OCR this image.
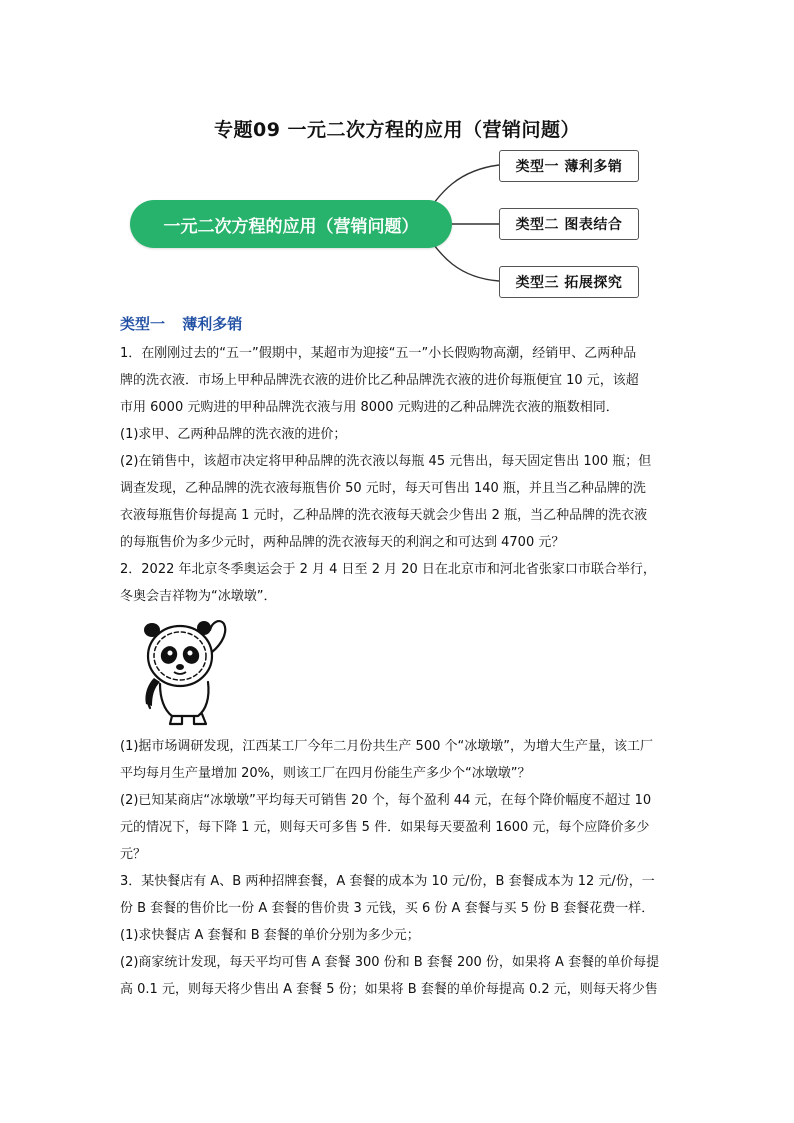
专题09 一元二次方程的应用（营销问题）
一元二次方程的应用（营销问题）
类型一 薄利多销
类型二 图表结合
类型三 拓展探究
类型一 薄利多销
1．在刚刚过去的“五一”假期中，某超市为迎接“五一”小长假购物高潮，经销甲、乙两种品
牌的洗衣液．市场上甲种品牌洗衣液的进价比乙种品牌洗衣液的进价每瓶便宜 10 元，该超
市用 6000 元购进的甲种品牌洗衣液与用 8000 元购进的乙种品牌洗衣液的瓶数相同．
(1)求甲、乙两种品牌的洗衣液的进价；
(2)在销售中，该超市决定将甲种品牌的洗衣液以每瓶 45 元售出，每天固定售出 100 瓶；但
调查发现，乙种品牌的洗衣液每瓶售价 50 元时，每天可售出 140 瓶，并且当乙种品牌的洗
衣液每瓶售价每提高 1 元时，乙种品牌的洗衣液每天就会少售出 2 瓶，当乙种品牌的洗衣液
的每瓶售价为多少元时，两种品牌的洗衣液每天的利润之和可达到 4700 元？
2．2022 年北京冬季奥运会于 2 月 4 日至 2 月 20 日在北京市和河北省张家口市联合举行，
冬奥会吉祥物为“冰墩墩”．
(1)据市场调研发现，江西某工厂今年二月份共生产 500 个“冰墩墩”，为增大生产量，该工厂
平均每月生产量增加 20%，则该工厂在四月份能生产多少个“冰墩墩”？
(2)已知某商店“冰墩墩”平均每天可销售 20 个，每个盈利 44 元，在每个降价幅度不超过 10
元的情况下，每下降 1 元，则每天可多售 5 件．如果每天要盈利 1600 元，每个应降价多少
元？
3．某快餐店有 A、B 两种招牌套餐，A 套餐的成本为 10 元/份，B 套餐成本为 12 元/份，一
份 B 套餐的售价比一份 A 套餐的售价贵 3 元钱，买 6 份 A 套餐与买 5 份 B 套餐花费一样．
(1)求快餐店 A 套餐和 B 套餐的单价分别为多少元；
(2)商家统计发现，每天平均可售 A 套餐 300 份和 B 套餐 200 份，如果将 A 套餐的单价每提
高 0.1 元，则每天将少售出 A 套餐 5 份；如果将 B 套餐的单价每提高 0.2 元，则每天将少售
